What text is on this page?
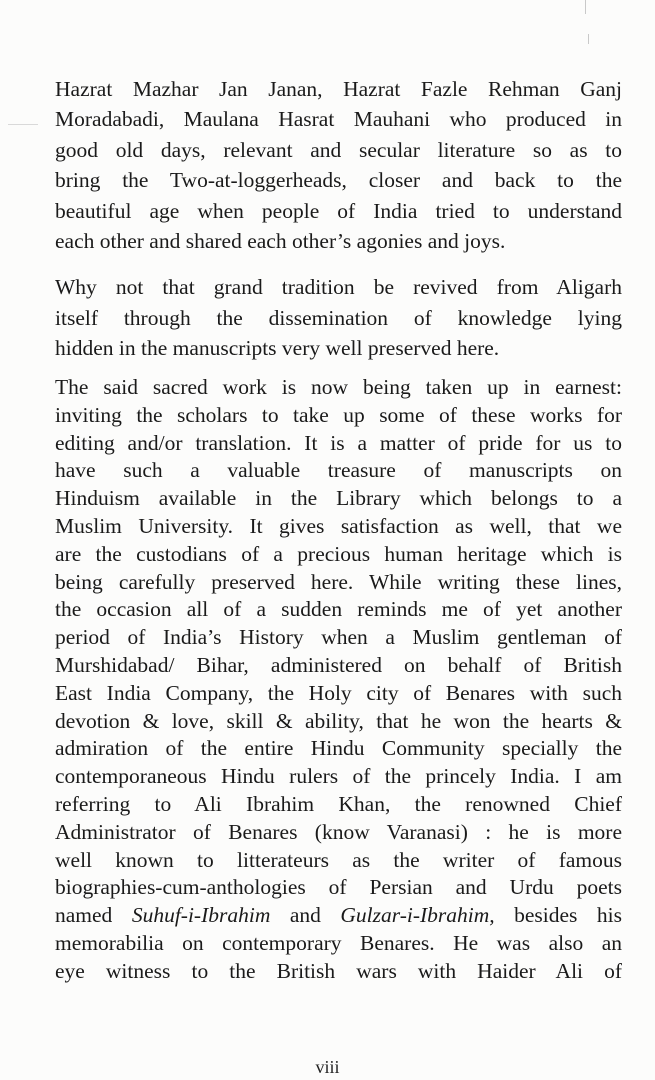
Hazrat Mazhar Jan Janan, Hazrat Fazle Rehman Ganj
Moradabadi, Maulana Hasrat Mauhani who produced in
good old days, relevant and secular literature so as to
bring the Two-at-loggerheads, closer and back to the
beautiful age when people of India tried to understand
each other and shared each other’s agonies and joys.
Why not that grand tradition be revived from Aligarh
itself through the dissemination of knowledge lying
hidden in the manuscripts very well preserved here.
The said sacred work is now being taken up in earnest:
inviting the scholars to take up some of these works for
editing and/or translation. It is a matter of pride for us to
have such a valuable treasure of manuscripts on
Hinduism available in the Library which belongs to a
Muslim University. It gives satisfaction as well, that we
are the custodians of a precious human heritage which is
being carefully preserved here. While writing these lines,
the occasion all of a sudden reminds me of yet another
period of India’s History when a Muslim gentleman of
Murshidabad/ Bihar, administered on behalf of British
East India Company, the Holy city of Benares with such
devotion & love, skill & ability, that he won the hearts &
admiration of the entire Hindu Community specially the
contemporaneous Hindu rulers of the princely India. I am
referring to Ali Ibrahim Khan, the renowned Chief
Administrator of Benares (know Varanasi) : he is more
well known to litterateurs as the writer of famous
biographies-cum-anthologies of Persian and Urdu poets
named Suhuf-i-Ibrahim and Gulzar-i-Ibrahim, besides his
memorabilia on contemporary Benares. He was also an
eye witness to the British wars with Haider Ali of
viii
